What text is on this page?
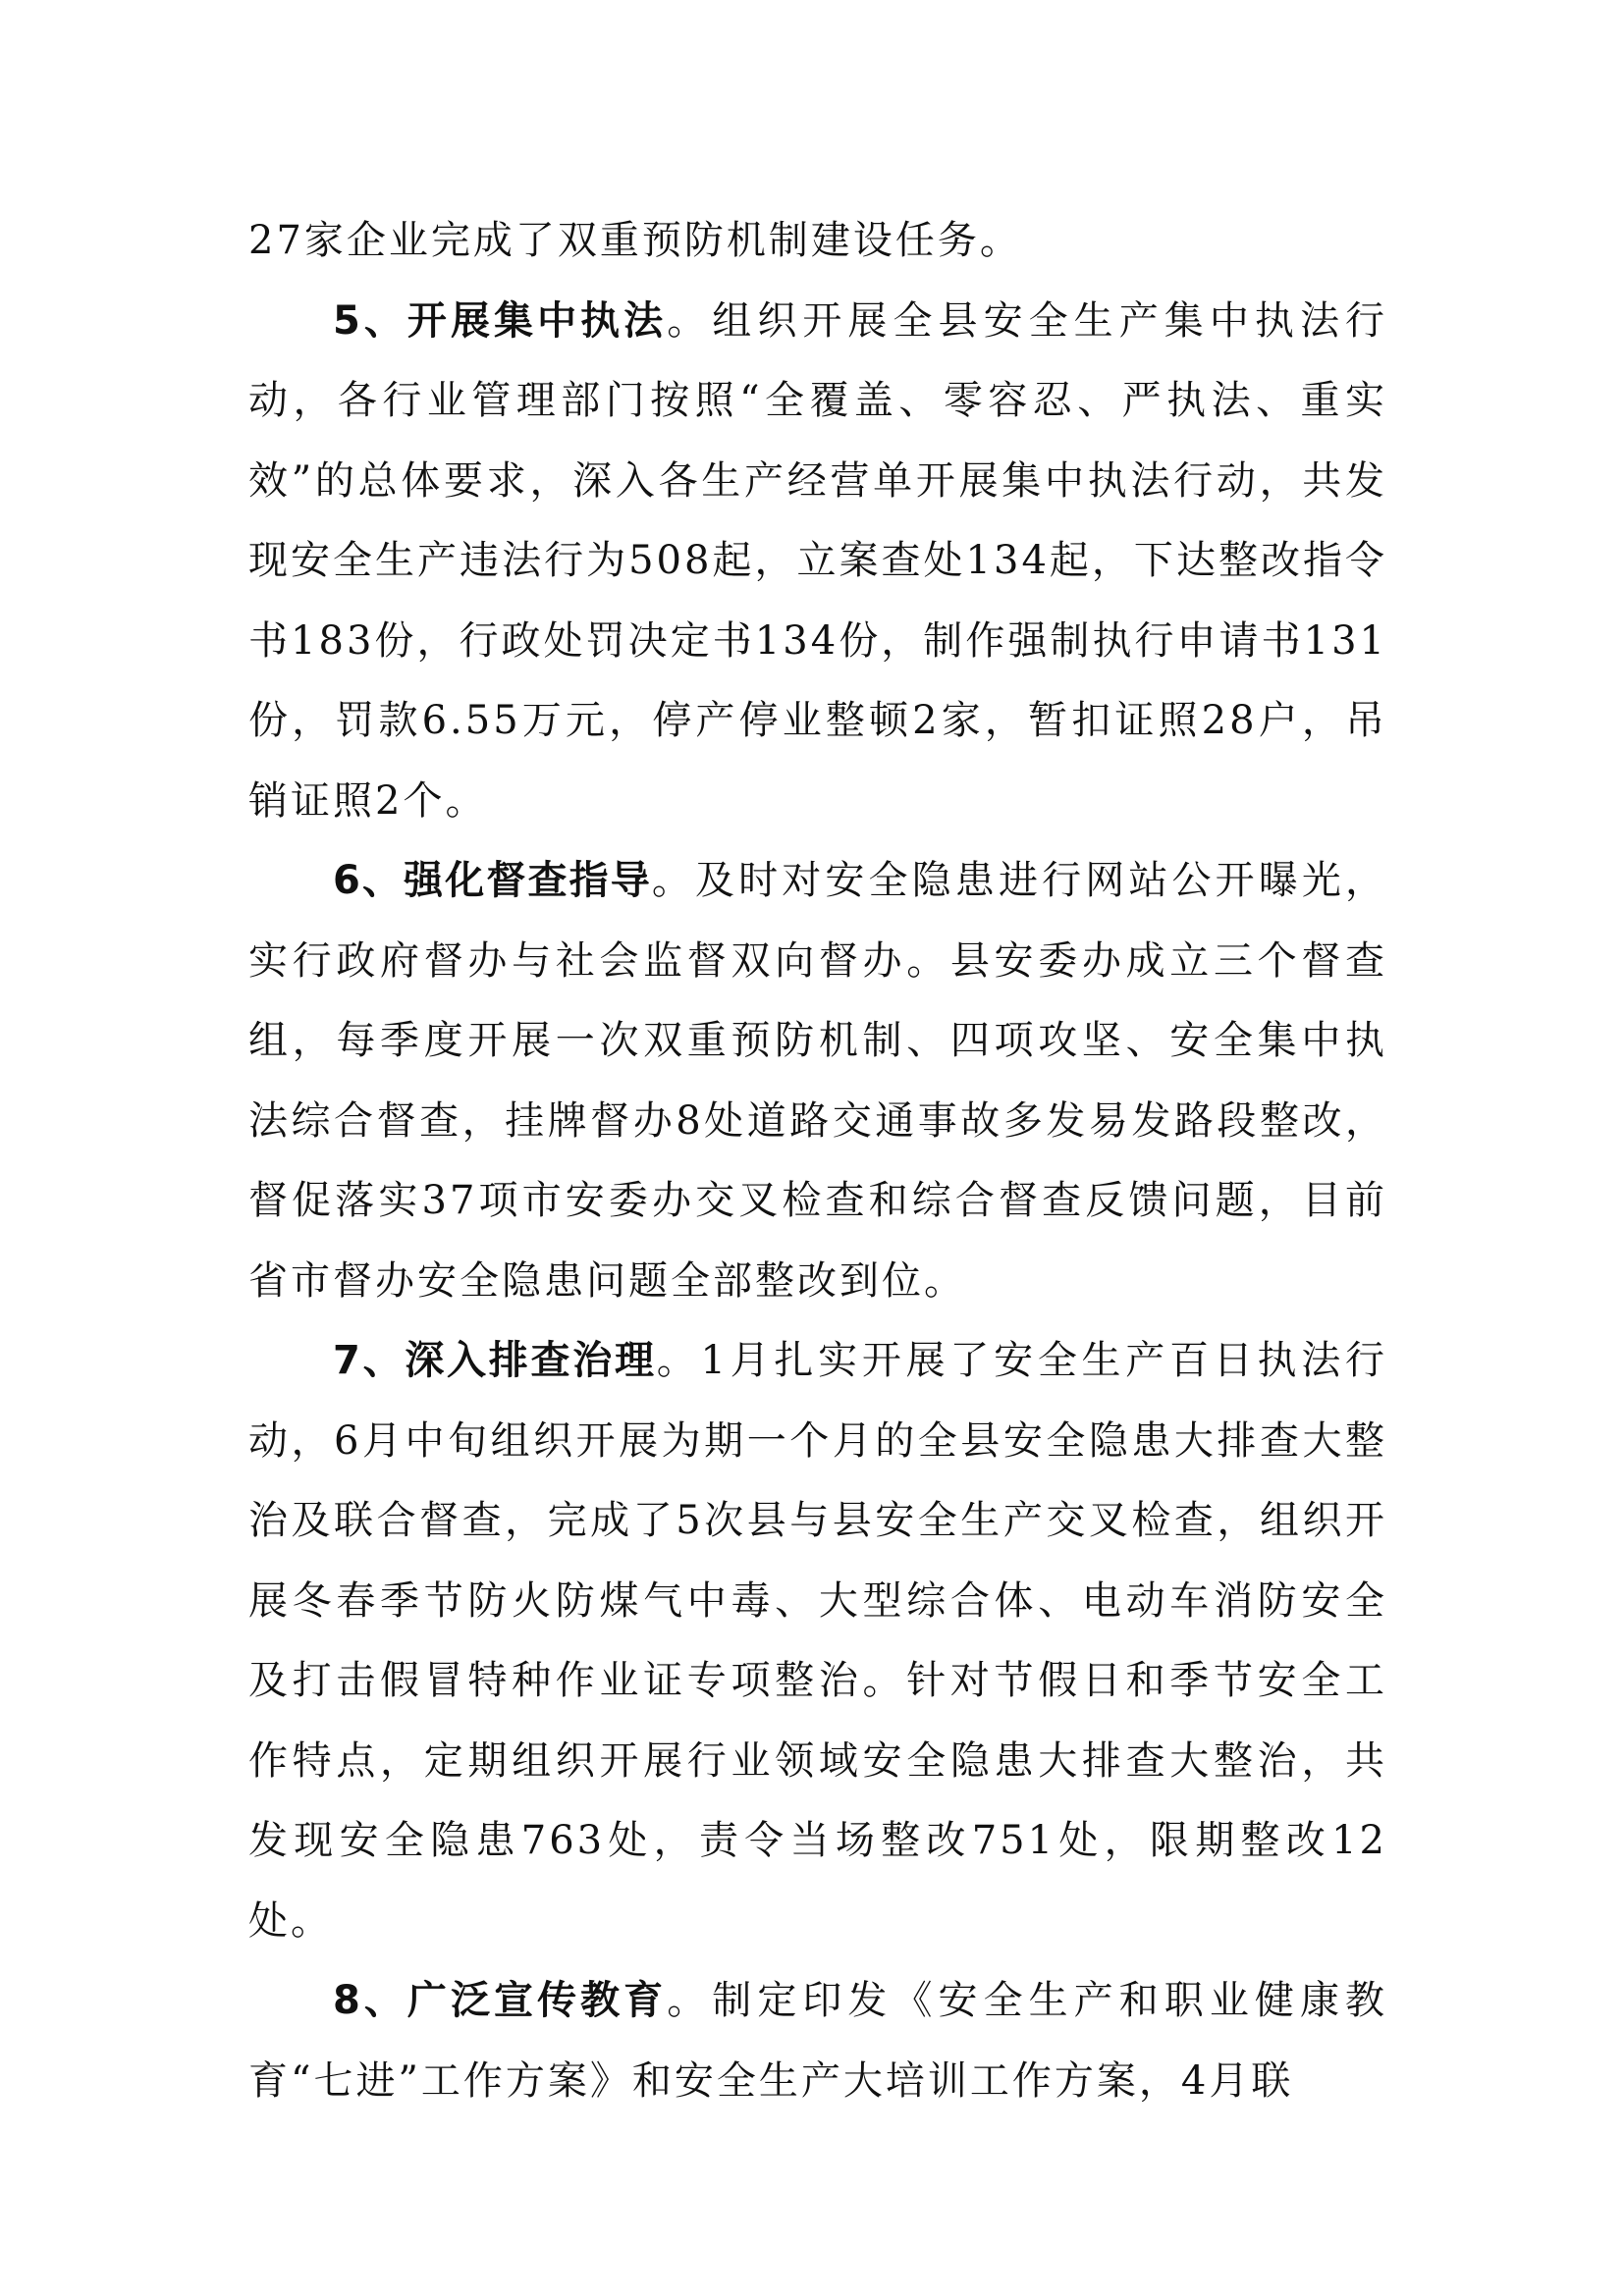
27家企业完成了双重预防机制建设任务。

5、开展集中执法。组织开展全县安全生产集中执法行动，各行业管理部门按照“全覆盖、零容忍、严执法、重实效”的总体要求，深入各生产经营单开展集中执法行动，共发现安全生产违法行为508起，立案查处134起，下达整改指令书183份，行政处罚决定书134份，制作强制执行申请书131份，罚款6.55万元，停产停业整顿2家，暂扣证照28户，吊销证照2个。

6、强化督查指导。及时对安全隐患进行网站公开曝光，实行政府督办与社会监督双向督办。县安委办成立三个督查组，每季度开展一次双重预防机制、四项攻坚、安全集中执法综合督查，挂牌督办8处道路交通事故多发易发路段整改，督促落实37项市安委办交叉检查和综合督查反馈问题，目前省市督办安全隐患问题全部整改到位。

7、深入排查治理。1月扎实开展了安全生产百日执法行动，6月中旬组织开展为期一个月的全县安全隐患大排查大整治及联合督查，完成了5次县与县安全生产交叉检查，组织开展冬春季节防火防煤气中毒、大型综合体、电动车消防安全及打击假冒特种作业证专项整治。针对节假日和季节安全工作特点，定期组织开展行业领域安全隐患大排查大整治，共发现安全隐患763处，责令当场整改751处，限期整改12处。

8、广泛宣传教育。制定印发《安全生产和职业健康教育“七进”工作方案》和安全生产大培训工作方案，4月联
